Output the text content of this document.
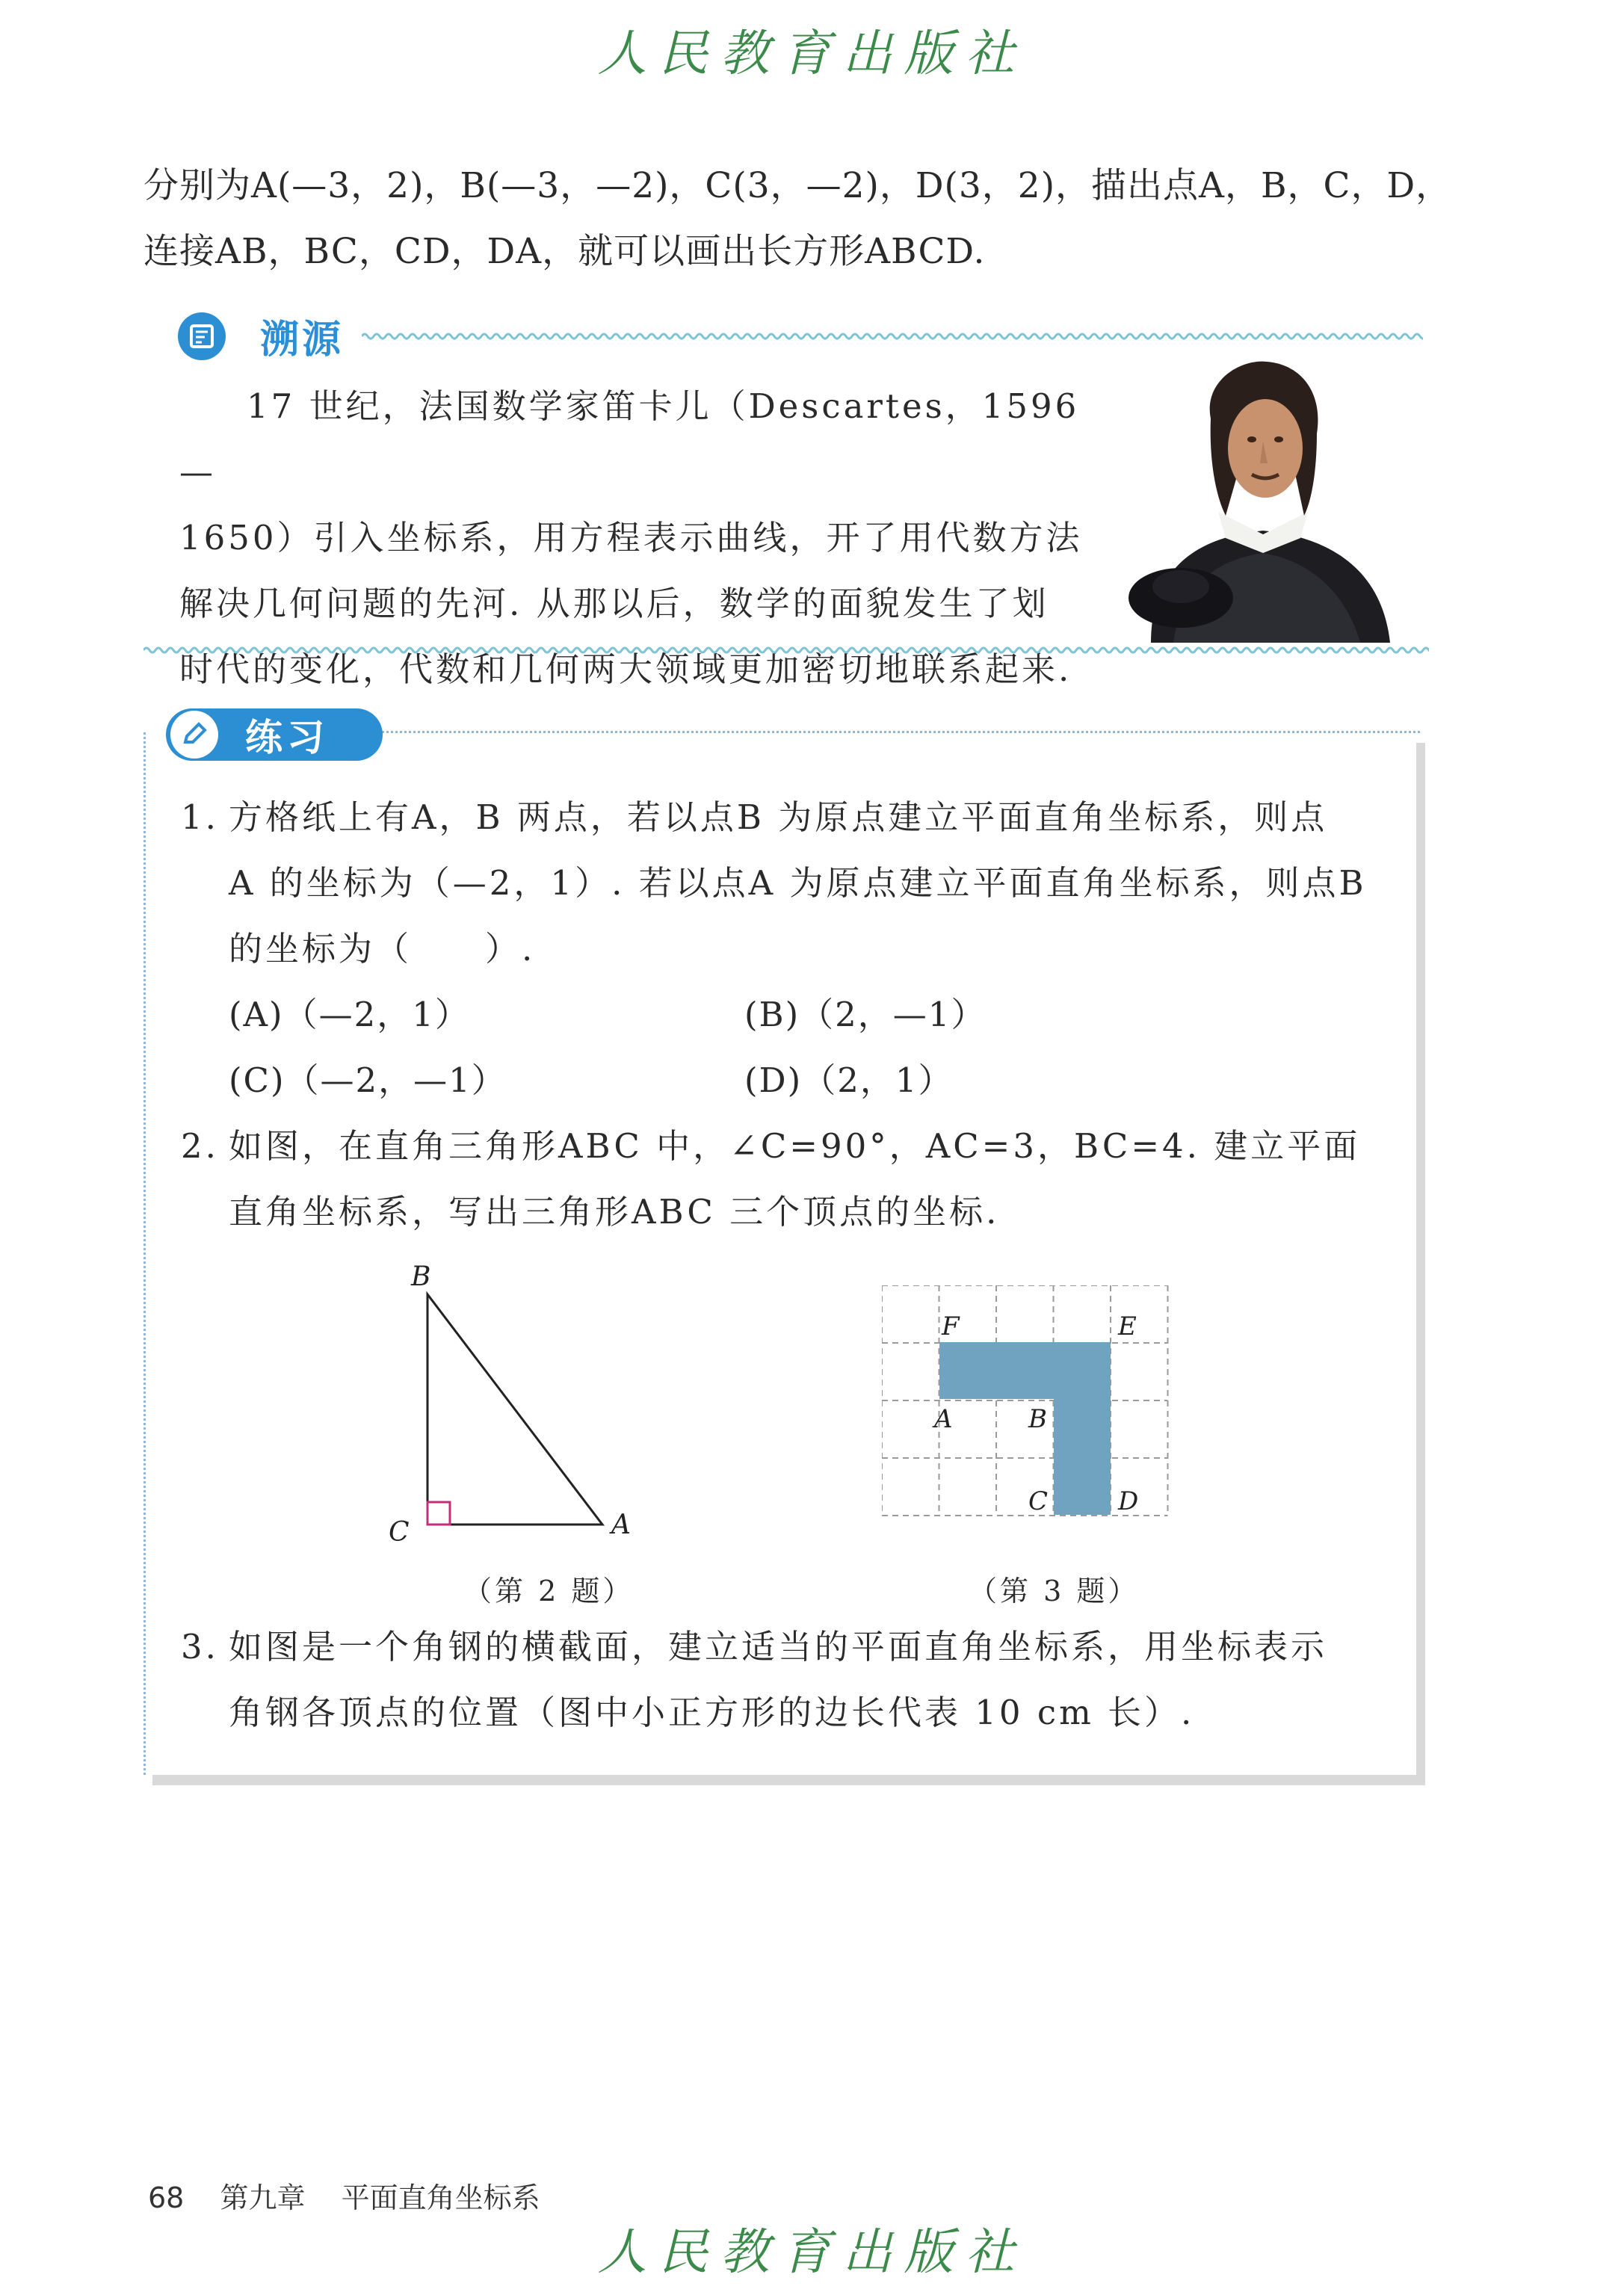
人民教育出版社

分别为A(—3，2)，B(—3，—2)，C(3，—2)，D(3，2)，描出点A，B，C，D，

连接AB，BC，CD，DA，就可以画出长方形ABCD.

溯源

17 世纪，法国数学家笛卡儿（Descartes，1596—

1650）引入坐标系，用方程表示曲线，开了用代数方法

解决几何问题的先河. 从那以后，数学的面貌发生了划

时代的变化，代数和几何两大领域更加密切地联系起来.

练习
1. 方格纸上有A，B 两点，若以点B 为原点建立平面直角坐标系，则点
A 的坐标为（—2，1）. 若以点A 为原点建立平面直角坐标系，则点B
的坐标为（　　）.
(A)（—2，1）	(B)（2，—1）
(C)（—2，—1）	(D)（2，1）
2. 如图，在直角三角形ABC 中，∠C=90°，AC=3，BC=4. 建立平面
直角坐标系，写出三角形ABC 三个顶点的坐标.
B
C	A
（第 2 题）
F	E
A	B
C	D
（第 3 题）
3. 如图是一个角钢的横截面，建立适当的平面直角坐标系，用坐标表示
角钢各顶点的位置（图中小正方形的边长代表 10 cm 长）.
68 第九章 平面直角坐标系
人民教育出版社
